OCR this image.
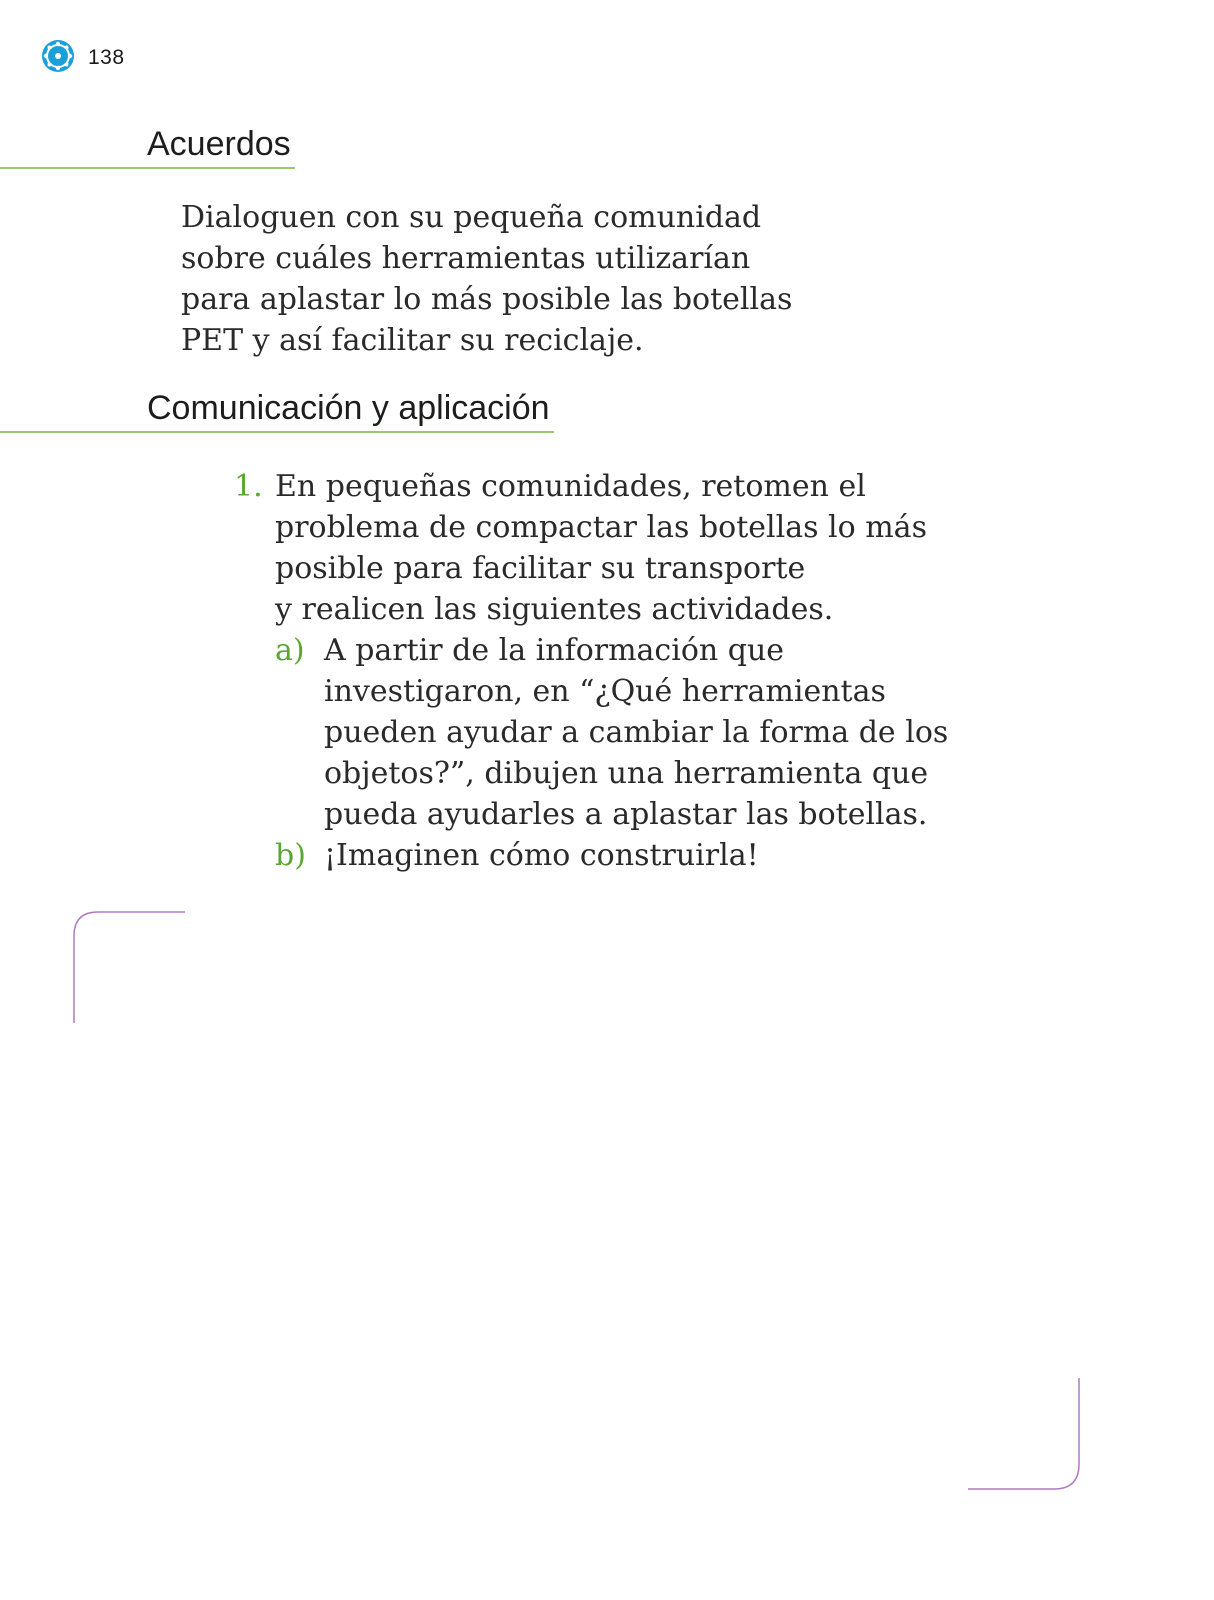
138
Acuerdos

Dialoguen con su pequeña comunidad

sobre cuáles herramientas utilizarían

para aplastar lo más posible las botellas

PET y así facilitar su reciclaje.

Comunicación y aplicación
1. En pequeñas comunidades, retomen el

problema de compactar las botellas lo más

posible para facilitar su transporte

y realicen las siguientes actividades.

a) A partir de la información que

investigaron, en “¿Qué herramientas

pueden ayudar a cambiar la forma de los

objetos?”, dibujen una herramienta que

pueda ayudarles a aplastar las botellas.

b) ¡Imaginen cómo construirla!
